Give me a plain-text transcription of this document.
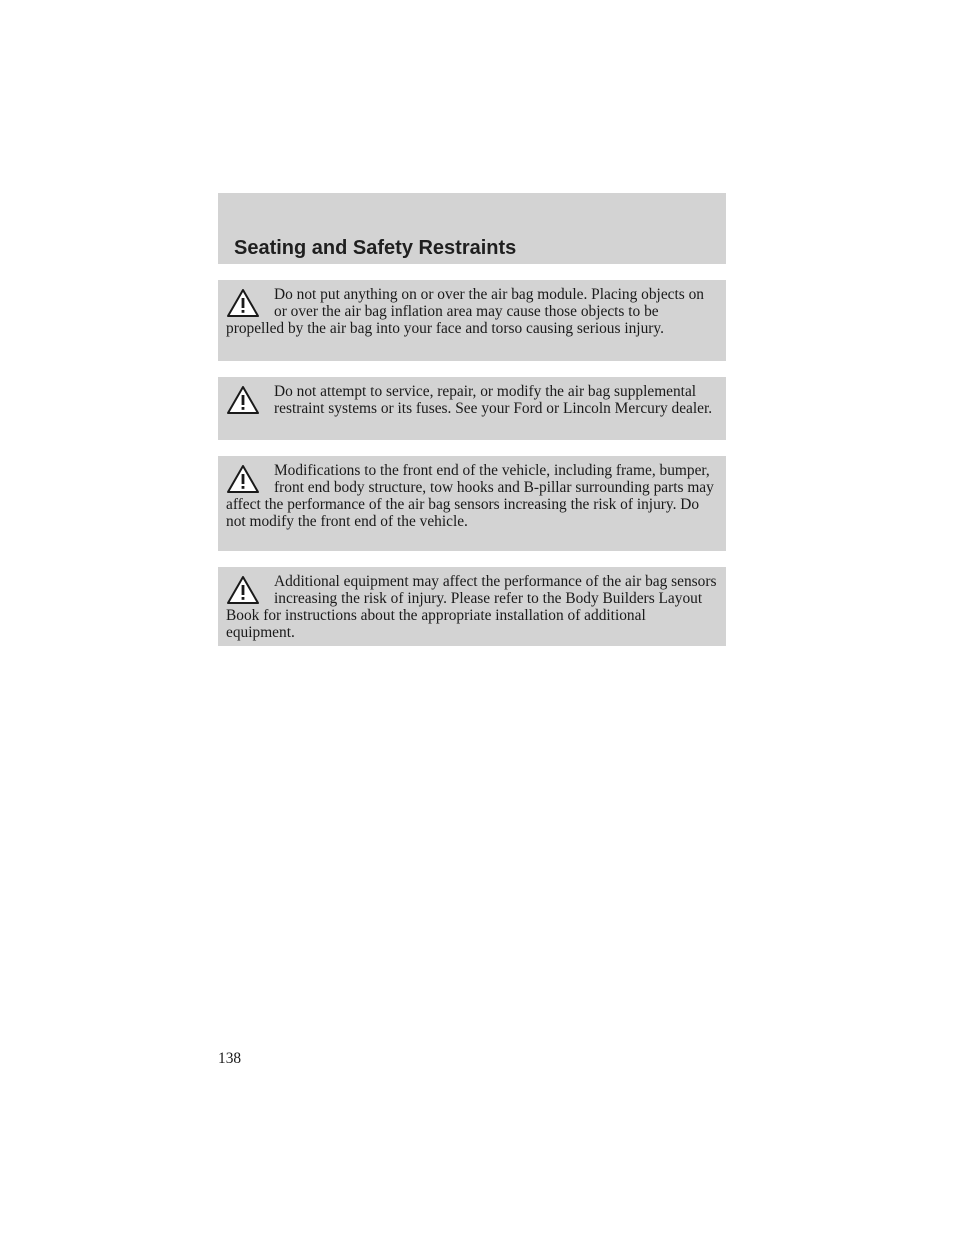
Seating and Safety Restraints
Do not put anything on or over the air bag module. Placing objects on or over the air bag inflation area may cause those objects to be propelled by the air bag into your face and torso causing serious injury.
Do not attempt to service, repair, or modify the air bag supplemental restraint systems or its fuses. See your Ford or Lincoln Mercury dealer.
Modifications to the front end of the vehicle, including frame, bumper, front end body structure, tow hooks and B-pillar surrounding parts may affect the performance of the air bag sensors increasing the risk of injury. Do not modify the front end of the vehicle.
Additional equipment may affect the performance of the air bag sensors increasing the risk of injury. Please refer to the Body Builders Layout Book for instructions about the appropriate installation of additional equipment.
138
